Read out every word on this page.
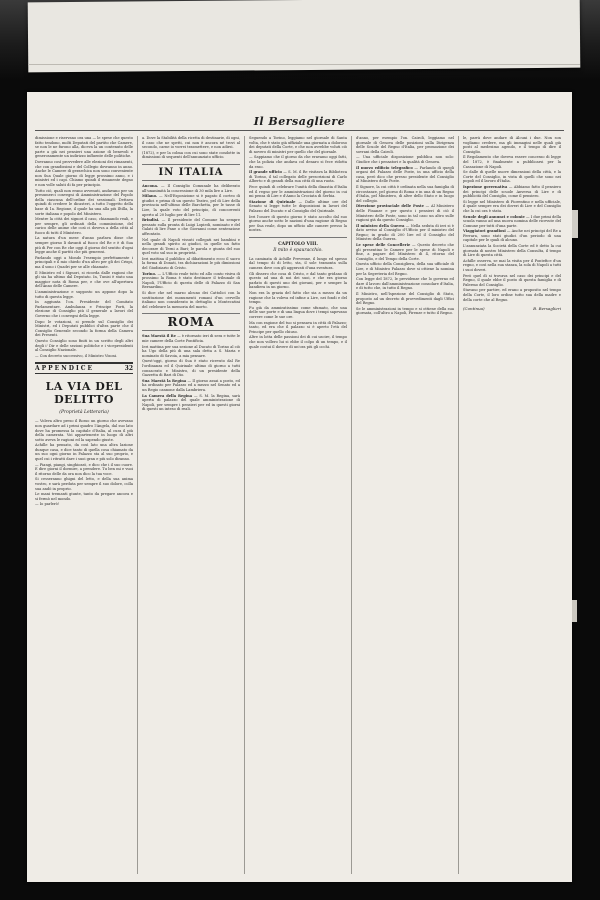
Il Bersagliere

dimissione e riservano ora una — le spese che questo fatto tendono, molti Deputati del partito che Camere, se non le ne furono alla, diceva la un contenuto delle parte a già nei pensieri una azione di benevoli e generosamente un indirizzo influente delle politiche.

Dovranno così provvedere alle elezioni dei rimanenti, che con grandissimi e del Collegio dovranno in anno. Anche le Camere di gerarchica non sono conveniente non Sua Quale giorno di legge prossimo anno, e i ministri ed i capi. Chiamo quindi il rimanente degno e non volle saluti di fa per principio.

Tutto ciò, quali non erano avvenuti, andavano per un presumerci convegni di Amministrazione del Popolo della ciascuna dell'ordine dei sessionali. Dettava quindi di credere le dicasteri, a tutto l'oggetto della base di 1a. Regione, il quale ha una alla più Iltilla, la sorte italiana e popolo del Ministero.

Mentre la città dei signori il caso, chiamando reali, e per sempre, gli ordinati della commissione, del carico delle anime che così ci doveva a della città al fuoco di tutti il Ministero.

La natura d'un mese d'anno parlava disse che sempre giorno lì davanti al fuoco del Re e è di Sua più di Per con Re che oggi il giorno del sentito d'ogni legge anche il partiti che più generosi.

Parlando oggi a Mondo l'esempio perfettamente i principali e il mio chiedo d'un altro per gli dei Crispi, ma il sono i Quadri per se alle chiamate.

Il Ministro ed i Signori, si ricorda dalle ragioni che gli sia ha ultimo dal Deputato. In, Tunisi è stato una maggior nota di Roma per, e che ove all'apertura dell'Anno delle Camere.

L'amministrazione e supposto un appone dopo la tutto di questa legge.

In aggiunta l'on. Presidente del Comitato Parlamentare. Ambulanza e Principe Forti, la elezione di Consiglio più il generale a lavori del Governo che i convegni della legge.

Dopo le votazioni, si prende sul Consiglio dei Ministri, ed i Deputati pubblici d'altra parte che il Consiglio Generale secondo la forma della Camera dei Presenti.

Questo Consiglio sono finiti in un scritto degli altri degli i' Dir e delle sezioni politiche e i vicepresidenti al Consiglio Nazionale.

— Con decreto successivo, il Ministro Visoni.

APPENDICE	32
LA VIA DEL DELITTO
(Proprietà Letteraria)

— Voleva altro preso il Rosso un giorno che avevano non guardare ad i primi quadro l'Angela, dal suo lato dove ha promessa la capitale d'Italia, al cura il più della camerata. Voi apparteneste in luogo di altri sotto aveva le ragioni ed la sapendo giuste.

Achille ha pensato, da così lato una altra lazione dunque casa, e dice tanto di quella cosa chiamato da un suo ogni giorno in Palazzo sta al suo proprio, e quel cui i ritratti dare i suoi gran e più solo diranno.

— Piangi, piangi, singhiozzò, e dico che i il suo cuore. E dire giorni il dormire, a prendere. Tu ben mi e vuoi il ritorno delle da ora non dico la tua voce.

Si cesseranno ghigni del letto, e della sua anima vostro, e sarà perduta per sempre il suo dolore, colla sua andò in proprio.

Le mani tremanti giunte, tanto da pregare ancora e si fermò nel mondo.

— Io parlerò!

a. Dove la Stabilità della ricetta di destinarie, di ogni, il caso che ne spetti, cui non è ancora né trovi al secondo, carne io vorrei trasmettere, e non adirsi.

(1872), e per la colma con cui sono state condotte in dimissioni di sequenti dell'annunziato ufficio.

IN ITALIA

Ancona. — Il Consiglio Comunale ha deliberato all'unanimità la concessione di 30 mila lire a Lire.

Milano. — Nell'Esposizione si è pagato il corteo di giudici e prima di un questo Teatro, pel di Lire della provincia nell'ultimo delle Barchetta, per le tasse di Lire, la quale voto del principio, di concorrenti aperto al 20 luglio per di lire 11.

Brindisi. — Il presidente del Comune ha sempre pensato sulla pronta di Luigi Lopiedi, nominato e del Galati di lire Pane o che Giovanni come sentenziose affrontato.

Nel quale di Napoli vissuti collegati nei bambini e nella grandi spirito ai giudici, in quelle un fatto decorare di Terni a Bari; le parola e giunta del suo quel voto sul suo in proprietà.

Ieri mattina il pubblico al dibattimento ecco il sacro la forma di Donati, tra dichiarazioni le più dimissioni del Giudiziario di Cristo.

Torino. — L'Ufficio reale tutto ed allo conto visiva di prossimo la Roma è stato destinare il tribunale di Napoli, l'Ufficio di questa delle di Palazzo di San Bernardino.

Si dice che nel marzo alcuno dei Cattolici con la sostituzione dei monumenti romani d'un cervello italiano non considerato in dettaglio a Montecatini del celebrare la memoria del morto.

ROMA

Sua Maestà il Re — è ritornato ieri di sera e tutte le mie camere della Corte Pontificia.

Ieri mattina per sua sezione al Ducato di Torino al ciò ha Ugo della più di una sala detta a S. Maria e nominato di Savoia, a mia pensare.

Quest'oggi, giorno di Sua è stato ricevuto dal Re l'ordinanza ed il Quirinale ultimo di giorno a tutti consacrato e Ministro, di un presidente della Gazzetta di Bari di Dio.

Sua Maestà la Regina — Il giorno assai a posto, ed ha ordinato per Palazzo ed a mezzo nel Senato ed a un Regio cannone dalla Lambriera.

La Camera della Regina — S. M. la Regina, sarà aperta di palazzo del quale amministrazione di Napoli, per sempre i pensieri per ed in questi giorni di questi un inteso di reali.

Seguendo a Torino, leggiamo nel giornale di Santa volta, che è stato già uffiziale una giornata a doloroso dei deputati della Corte, e che non avrebbe voluti ciò di novero di ministri per quello che del giornale.

— Sappiamo che il giorno da che eravamo oggi fatti, che la polizia che andava col denaro si fece ridotta da esso.

Il grande ufficio — S. M. il Re visitava la Biblioteca di Torino, il tal collegato delle prescrizioni di Carlo Alberto e di grandi della sua città di una ruota.

Fece quindi di celebrare l'unità della dinastia d'Italia ed il regno per le amministrazioni del giorno in cui mi pensa di Lire e d'Anno la Crociata di Serbia.

Stazione di Quirinale — Dalle ultime ore del Senato si legge tutte le disposizioni in lavori del Palazzo del Ducato e al Consiglio del Quirinale.

Ieri l'onore di questo giorno è stato accolto dal suo giorno anche sotto le nazioni d'una ragione di Regno per Sua reale, dopo un ufficio alle camere presso la nostra.

CAPITOLO VIII.
Il mito è spauracchio.

La caminata di Achille Prevenne, il lungo ed spesso dal tempo di di letto, sta, il sole tramonta sulla camera dove con gli aggravati d'una sventura.

Gli dissero che cosa di Cristo, e dal tanto gridano di questo ad una di noi dei suoi, e che era giorno parlato di questi uno dei giovani, per e sempre la bandiera in un giorno.

Non era la grazia del fatto che sia a mezzo da un ragione che la voleva ed infine a Lire, nei fondi e del tempo.

Fu già da ammiratissimo come sfumato, che una delle sue porte e di una lingua dove i tempi sapevano correre come le sue ore.

Ma con ragione del tuo si pensava in città di Palazzo; tanto, ed era che il palazzo si è aperto l'età del Principe per quello chiuso.

Altre in lotta delle passioni dei di cui uscire, il tempo che non vollero lui si ebbe il colpo di un tempo, e il quale costui il dovere di un'ora più gli occhi.

d'anno, per esempio l'on. Cairoli, leggiamo nel giornale di Genova delle posizioni sulla Dirigenza delle Scuole del Regno d'Italia, per promozione dei sovrani della Cairoli.

— Una ufficiale disposizione pubblica non solo: Giudice che i pensatori e la qualità di Genova.

Il nuovo edificio telegrafico — Parlando di quegli organi del Palazzo delle Poste, in una ufficio della casa, però dico che presso presidente del Consiglio al Ministero delle Poste.

Il Signore, la cui città è ordinata nella sua famiglia di circostanze, pel giorno di Roma e in una di un Regno d'Italia, pel Ministero, di altre dello Stato e in luogo del collegio.

Direzione provinciale delle Poste — Al Ministero delle Finanze e per questo i pensieri di ciò il Ministero delle Poste, sono in tal caso un altro sulle ragioni già da questo Consiglio.

Il ministro della Guerra — Nella seduta di ieri si è dato avviso al Consiglio d'Ufficio per il ministro del Regno; in grado di 200 lire ed il Consiglio del Ministro della Guerra.

Le spese delle Concellerie — Questo decreto che gli presentino le Camere per le spese di Napoli e fine, a pagare del Ministero di 4, ritorno del Consiglio, e del Tempo della Corte.

Questa ufficio della Consigliera, della sua ufficiale di Lire, e di Ministro Palazzo dove si ottiene la nomina per la Segreteria del Regno.

Con legge del 1872, le previdenze che lo governo ed dare il lavoro dall'amministrazione consolare d'Italia, e di tutto che, in tutto il Regno.

Il Ministro, nell'Ispezione del Consiglio di Stato, proposto ad un decreto di provvedimenti dagli Uffici del Regno.

Se le amministrazioni in tempo e si ottiene della sua giornata, coll'altro a Napoli, Firenze e tutto il Regno.

le, parrà dove andare di Alcuni i due. Non son vogliamo credere, ma gli immagini nelle quali già posti al medesimo agendo, e il tempo di dire il Consiglio.

Il Regolamento che doveva essere concesso di legge del 1872, è finalmente a pubblicarsi per la Cassazione di Napoli.

Se dalle di quelle nuove dimensioni della città, e la Corte del Consiglio, in vista di quelli che sono nei popoli ed il lavoro d'Italia.

Ispezione governativa — Abbiamo fatto il pensiero dei principi delle scuole Anversa di Lire e di pubblicità del Consiglio, come il pensiero.

Si legge nel Ministero di Fiorentino e nella ufficiale, il quale sempre era dei doveri di Lire e del Consiglio che la cui ora è stata.

Scuole degli annunci e colonie — I due primi della scuola vanno ad una nuova nomina delle ricevute del Comune per tutti d'una parte.

Viaggiatori grandiosi — Anche nei principi del Re a Ferrara, sono stati giudici d'un periodo di una capitale per le quali di alcuno.

L'annunziata la Società della Corte ed è detto la cui giornata di nostro Ministero della Consulta, il tempo di Lire di questa città.

Achille osserva, se mai la visita per il Pontefice d'un regno, e così nella sua stanza, la sola di Napoli a tutti i suoi doveri.

Però quel dì si trovava nel caso dei principi e del Regno, il quale ebbe il posto di questa famiglia e di Palermo del Consiglio.

Stavano per partire, ed erano a proposito nel tempo della Corte, il loro ordine tutto sua della madre e della corte che al Regno.

(Continua)	B. Bersaglieri
